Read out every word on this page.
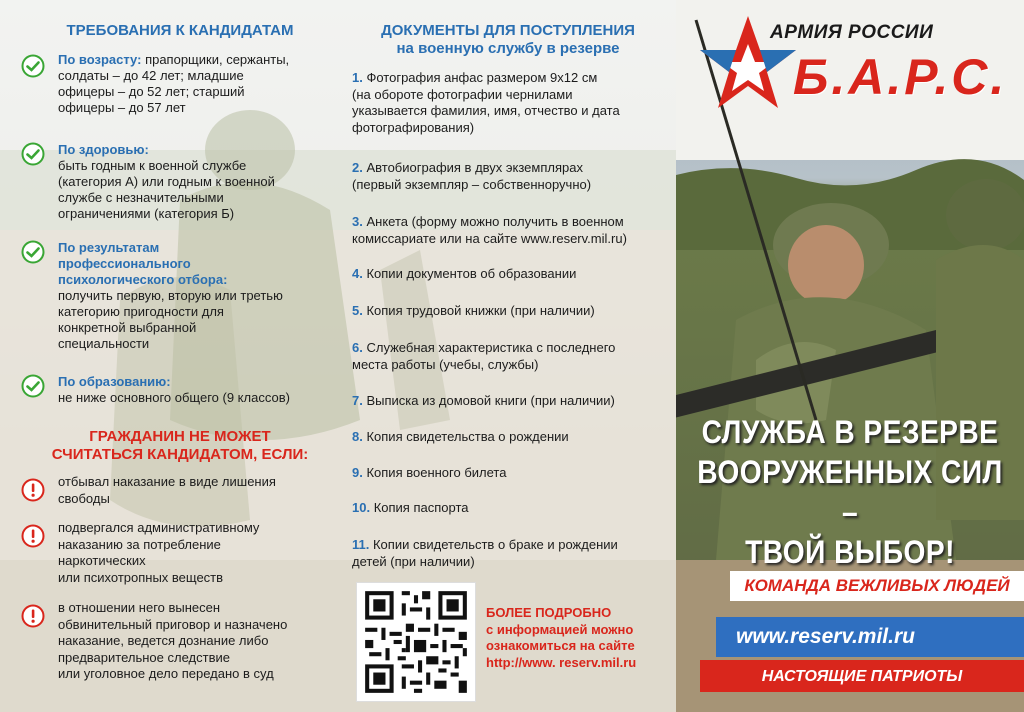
ТРЕБОВАНИЯ К КАНДИДАТАМ
По возрасту: прапорщики, сержанты,
солдаты – до 42 лет; младшие
офицеры – до 52 лет; старший
офицеры – до 57 лет
По здоровью:
быть годным к военной службе
(категория А) или годным к военной
службе с незначительными
ограничениями (категория Б)
По результатам
профессионального
психологического отбора:
получить первую, вторую или третью
категорию пригодности для
конкретной выбранной
специальности
По образованию:
не ниже основного общего (9 классов)
ГРАЖДАНИН НЕ МОЖЕТ
СЧИТАТЬСЯ КАНДИДАТОМ, ЕСЛИ:
отбывал наказание в виде лишения
свободы
подвергался административному
наказанию за потребление
наркотических
или психотропных веществ
в отношении него вынесен
обвинительный приговор и назначено
наказание, ведется дознание либо
предварительное следствие
или уголовное дело передано в суд
ДОКУМЕНТЫ ДЛЯ ПОСТУПЛЕНИЯ
на военную службу в резерве
1. Фотография анфас размером 9х12 см
(на обороте фотографии чернилами
указывается фамилия, имя, отчество и дата
фотографирования)
2. Автобиография в двух экземплярах
(первый экземпляр – собственноручно)
3. Анкета (форму можно получить в военном
комиссариате или на сайте www.reserv.mil.ru)
4. Копии документов об образовании
5. Копия трудовой книжки (при наличии)
6. Служебная характеристика с последнего
места работы (учебы, службы)
7. Выписка из домовой книги (при наличии)
8. Копия свидетельства о рождении
9. Копия военного билета
10. Копия паспорта
11. Копии свидетельств о браке и рождении
детей (при наличии)
БОЛЕЕ ПОДРОБНО
с информацией можно
ознакомиться на сайте
http://www. reserv.mil.ru
АРМИЯ РОССИИ
Б.А.Р.С.
СЛУЖБА В РЕЗЕРВЕ
ВООРУЖЕННЫХ СИЛ –
ТВОЙ ВЫБОР!
КОМАНДА ВЕЖЛИВЫХ ЛЮДЕЙ
www.reserv.mil.ru
НАСТОЯЩИЕ ПАТРИОТЫ
